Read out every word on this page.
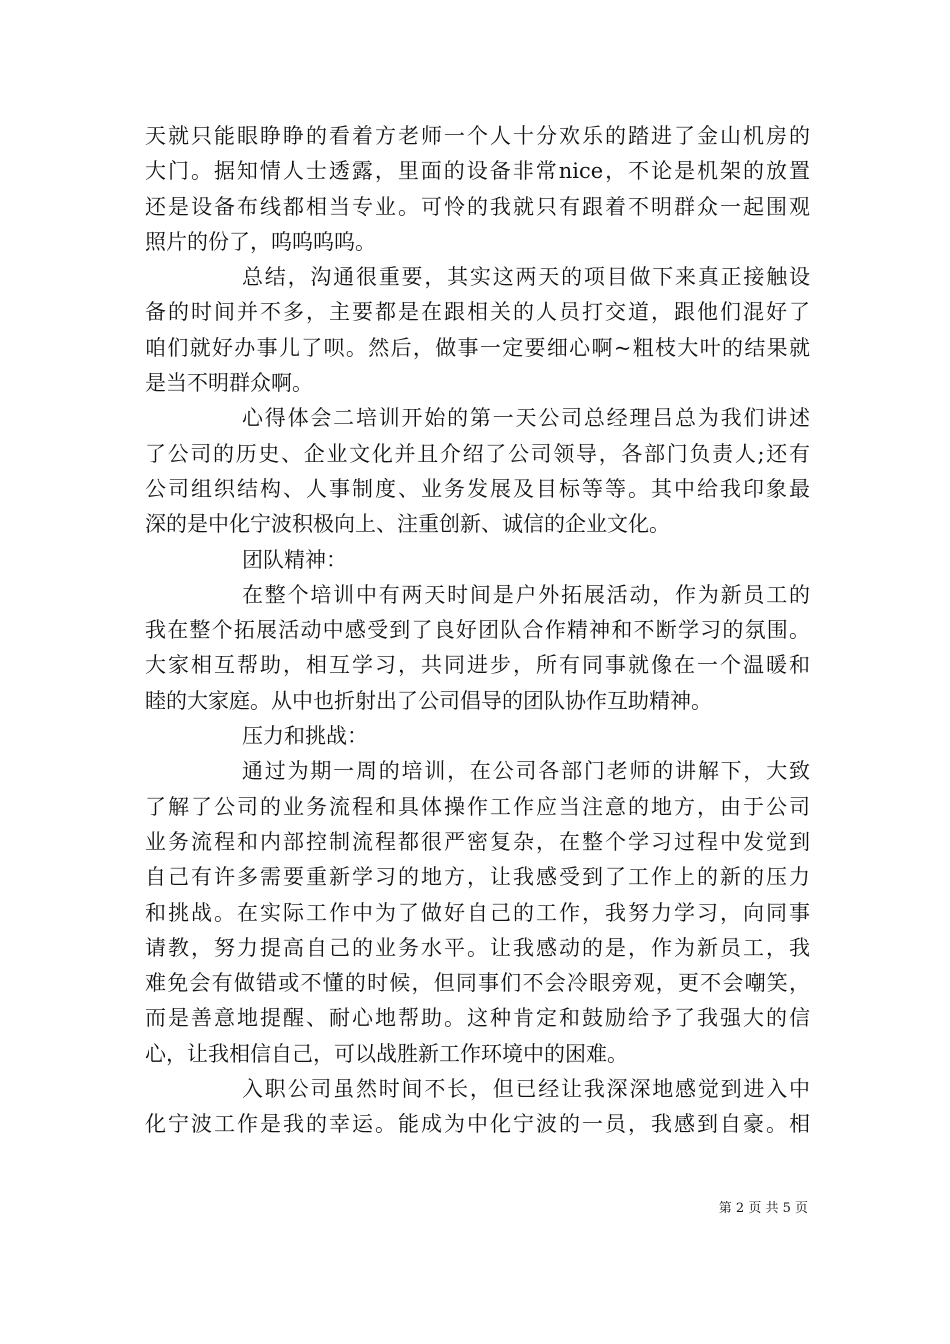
天就只能眼睁睁的看着方老师一个人十分欢乐的踏进了金山机房的
大门。据知情人士透露，里面的设备非常nice，不论是机架的放置
还是设备布线都相当专业。可怜的我就只有跟着不明群众一起围观
照片的份了，呜呜呜呜。
总结，沟通很重要，其实这两天的项目做下来真正接触设
备的时间并不多，主要都是在跟相关的人员打交道，跟他们混好了
咱们就好办事儿了呗。然后，做事一定要细心啊~粗枝大叶的结果就
是当不明群众啊。
心得体会二培训开始的第一天公司总经理吕总为我们讲述
了公司的历史、企业文化并且介绍了公司领导，各部门负责人;还有
公司组织结构、人事制度、业务发展及目标等等。其中给我印象最
深的是中化宁波积极向上、注重创新、诚信的企业文化。
团队精神：
在整个培训中有两天时间是户外拓展活动，作为新员工的
我在整个拓展活动中感受到了良好团队合作精神和不断学习的氛围。
大家相互帮助，相互学习，共同进步，所有同事就像在一个温暖和
睦的大家庭。从中也折射出了公司倡导的团队协作互助精神。
压力和挑战：
通过为期一周的培训，在公司各部门老师的讲解下，大致
了解了公司的业务流程和具体操作工作应当注意的地方，由于公司
业务流程和内部控制流程都很严密复杂，在整个学习过程中发觉到
自己有许多需要重新学习的地方，让我感受到了工作上的新的压力
和挑战。在实际工作中为了做好自己的工作，我努力学习，向同事
请教，努力提高自己的业务水平。让我感动的是，作为新员工，我
难免会有做错或不懂的时候，但同事们不会冷眼旁观，更不会嘲笑，
而是善意地提醒、耐心地帮助。这种肯定和鼓励给予了我强大的信
心，让我相信自己，可以战胜新工作环境中的困难。
入职公司虽然时间不长，但已经让我深深地感觉到进入中
化宁波工作是我的幸运。能成为中化宁波的一员，我感到自豪。相
第 2 页 共 5 页
